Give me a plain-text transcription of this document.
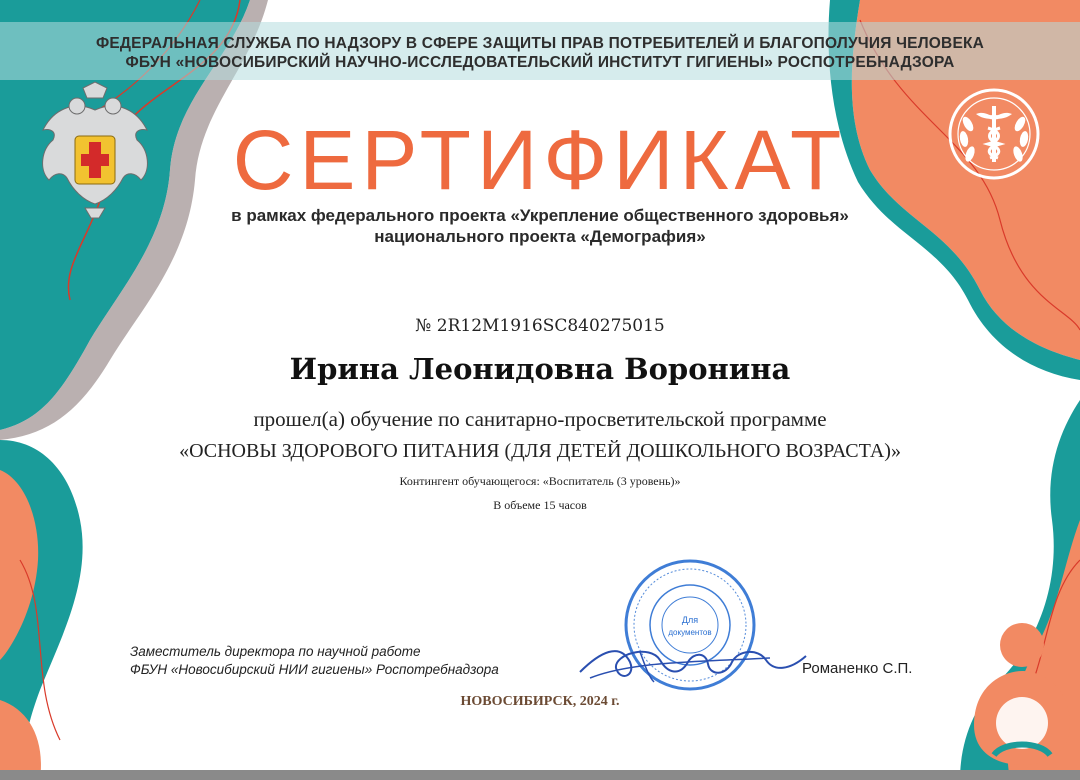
ФЕДЕРАЛЬНАЯ СЛУЖБА ПО НАДЗОРУ В СФЕРЕ ЗАЩИТЫ ПРАВ ПОТРЕБИТЕЛЕЙ И БЛАГОПОЛУЧИЯ ЧЕЛОВЕКА
ФБУН «НОВОСИБИРСКИЙ НАУЧНО-ИССЛЕДОВАТЕЛЬСКИЙ ИНСТИТУТ ГИГИЕНЫ» РОСПОТРЕБНАДЗОРА
СЕРТИФИКАТ
в рамках федерального проекта «Укрепление общественного здоровья»
национального проекта «Демография»
№ 2R12M1916SC840275015
Ирина Леонидовна Воронина
прошел(а) обучение по санитарно-просветительской программе
«ОСНОВЫ ЗДОРОВОГО ПИТАНИЯ (ДЛЯ ДЕТЕЙ ДОШКОЛЬНОГО ВОЗРАСТА)»
Контингент обучающегося: «Воспитатель (3 уровень)»
В объеме 15 часов
Для
документов
Заместитель директора по научной работе
ФБУН «Новосибирский НИИ гигиены» Роспотребнадзора	Романенко С.П.
НОВОСИБИРСК, 2024 г.
